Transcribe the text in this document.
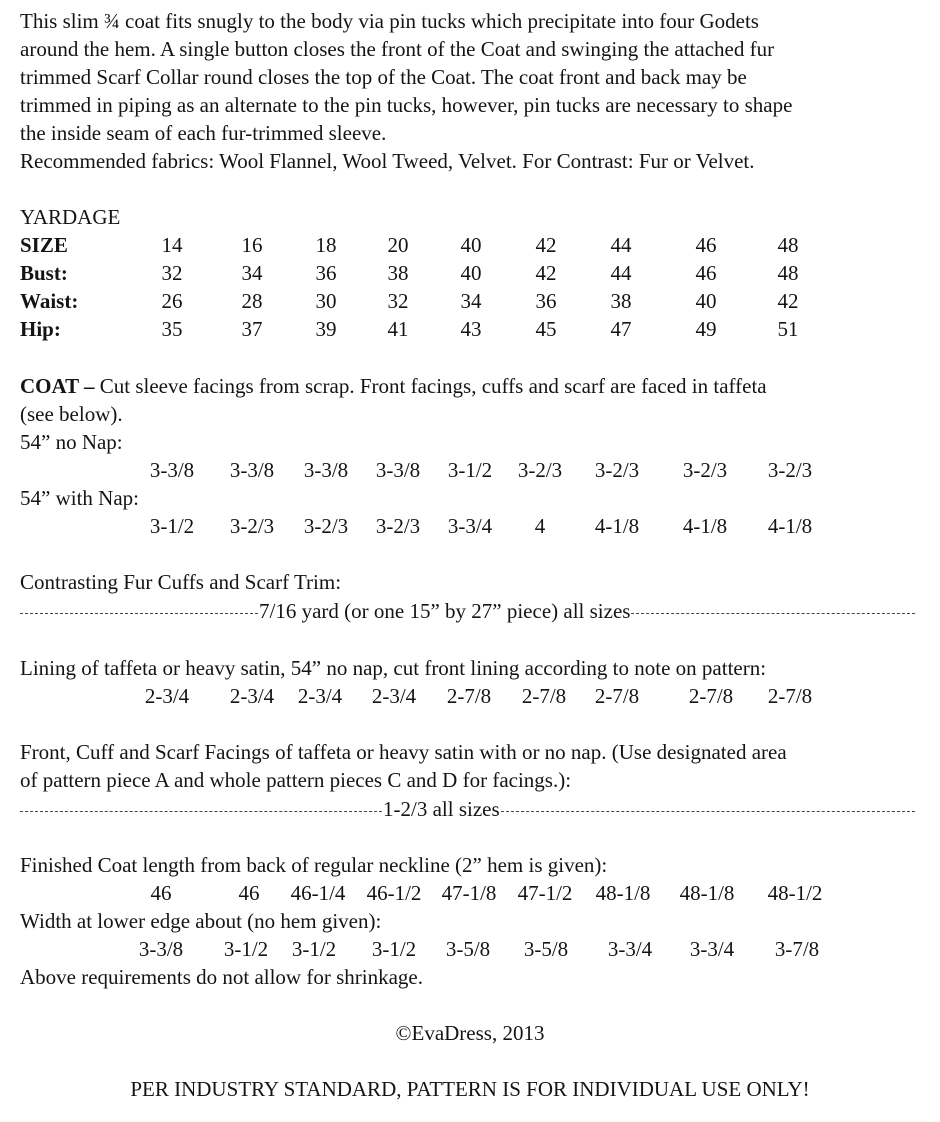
This slim ¾ coat fits snugly to the body via pin tucks which precipitate into four Godets
around the hem. A single button closes the front of the Coat and swinging the attached fur
trimmed Scarf Collar round closes the top of the Coat. The coat front and back may be
trimmed in piping as an alternate to the pin tucks, however, pin tucks are necessary to shape
the inside seam of each fur-trimmed sleeve.
Recommended fabrics: Wool Flannel, Wool Tweed, Velvet. For Contrast: Fur or Velvet.
YARDAGE
SIZE	14	16	18	20	40	42	44	46	48
Bust:	32	34	36	38	40	42	44	46	48
Waist:	26	28	30	32	34	36	38	40	42
Hip:	35	37	39	41	43	45	47	49	51
COAT – Cut sleeve facings from scrap. Front facings, cuffs and scarf are faced in taffeta
(see below).
54” no Nap:
3-3/8	3-3/8	3-3/8	3-3/8	3-1/2	3-2/3	3-2/3	3-2/3	3-2/3
54” with Nap:
3-1/2	3-2/3	3-2/3	3-2/3	3-3/4	4	4-1/8	4-1/8	4-1/8
Contrasting Fur Cuffs and Scarf Trim:
7/16 yard (or one 15” by 27” piece) all sizes
Lining of taffeta or heavy satin, 54” no nap, cut front lining according to note on pattern:
2-3/4	2-3/4	2-3/4	2-3/4	2-7/8	2-7/8	2-7/8	2-7/8	2-7/8
Front, Cuff and Scarf Facings of taffeta or heavy satin with or no nap. (Use designated area
of pattern piece A and whole pattern pieces C and D for facings.):
1-2/3 all sizes
Finished Coat length from back of regular neckline (2” hem is given):
46	46	46-1/4	46-1/2 47-1/8	47-1/2	48-1/8	48-1/8	48-1/2
Width at lower edge about (no hem given):
3-3/8	3-1/2	3-1/2	3-1/2	3-5/8	3-5/8	3-3/4	3-3/4	3-7/8
Above requirements do not allow for shrinkage.
©EvaDress, 2013
PER INDUSTRY STANDARD, PATTERN IS FOR INDIVIDUAL USE ONLY!
